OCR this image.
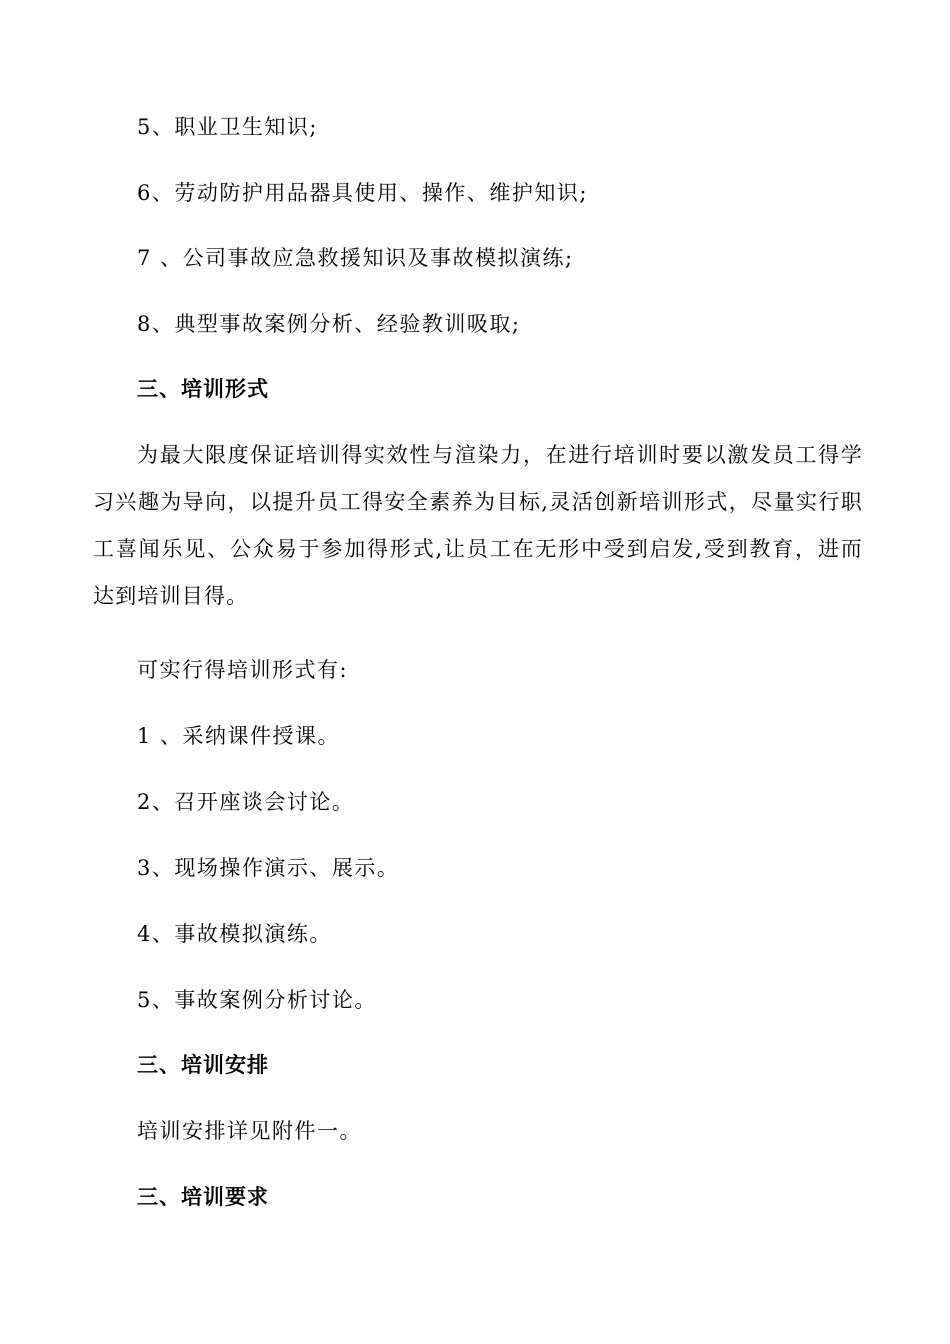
5、职业卫生知识;
6、劳动防护用品器具使用、操作、维护知识;
7 、公司事故应急救援知识及事故模拟演练;
8、典型事故案例分析、经验教训吸取;
三、培训形式
为最大限度保证培训得实效性与渲染力，在进行培训时要以激发员工得学习兴趣为导向，以提升员工得安全素养为目标,灵活创新培训形式，尽量实行职工喜闻乐见、公众易于参加得形式,让员工在无形中受到启发,受到教育，进而达到培训目得。
可实行得培训形式有:
1 、采纳课件授课。
2、召开座谈会讨论。
3、现场操作演示、展示。
4、事故模拟演练。
5、事故案例分析讨论。
三、培训安排
培训安排详见附件一。
三、培训要求
